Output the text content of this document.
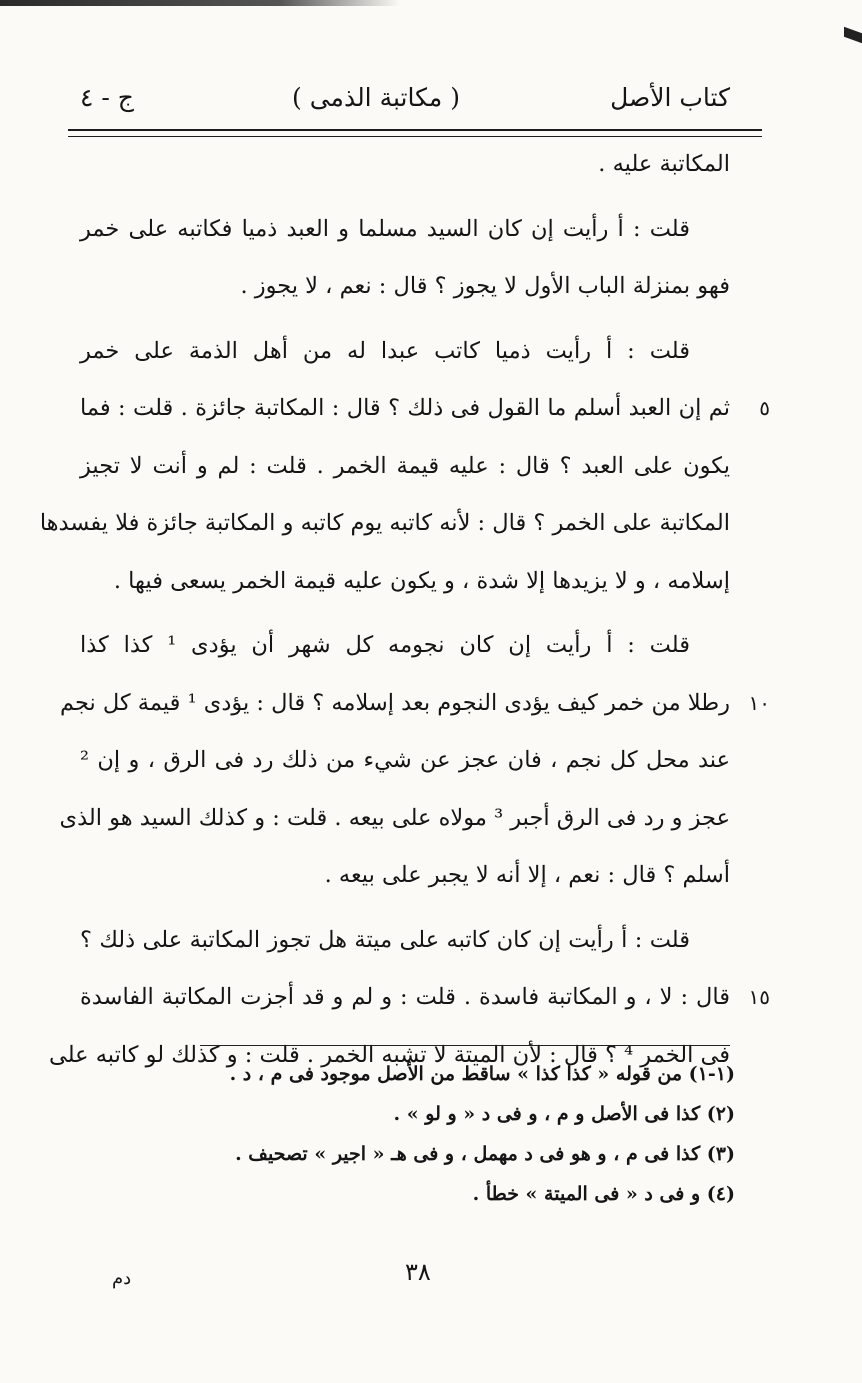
كتاب الأصل
( مكاتبة الذمى )
ج - ٤
المكاتبة عليه .
قلت : أ رأيت إن كان السيد مسلما و العبد ذميا فكاتبه على خمر
فهو بمنزلة الباب الأول لا يجوز ؟ قال : نعم ، لا يجوز .
قلت : أ رأيت ذميا كاتب عبدا له من أهل الذمة على خمر
ثم إن العبد أسلم ما القول فى ذلك ؟ قال : المكاتبة جائزة . قلت : فما	٥
يكون على العبد ؟ قال : عليه قيمة الخمر . قلت : لم و أنت لا تجيز
المكاتبة على الخمر ؟ قال : لأنه كاتبه يوم كاتبه و المكاتبة جائزة فلا يفسدها
إسلامه ، و لا يزيدها إلا شدة ، و يكون عليه قيمة الخمر يسعى فيها .
قلت : أ رأيت إن كان نجومه كل شهر أن يؤدى ¹ كذا كذا
رطلا من خمر كيف يؤدى النجوم بعد إسلامه ؟ قال : يؤدى ¹ قيمة كل نجم ١٠
عند محل كل نجم ، فان عجز عن شيء من ذلك رد فى الرق ، و إن ²
عجز و رد فى الرق أجبر ³ مولاه على بيعه . قلت : و كذلك السيد هو الذى
أسلم ؟ قال : نعم ، إلا أنه لا يجبر على بيعه .
قلت : أ رأيت إن كان كاتبه على ميتة هل تجوز المكاتبة على ذلك ؟
قال : لا ، و المكاتبة فاسدة . قلت : و لم و قد أجزت المكاتبة الفاسدة ١٥
فى الخمر ⁴ ؟ قال : لأن الميتة لا تشبه الخمر . قلت : و كذلك لو كاتبه على
(١-١) من قوله « كذا كذا » ساقط من الأصل موجود فى م ، د .
(٢) كذا فى الأصل و م ، و فى د « و لو » .
(٣) كذا فى م ، و هو فى د مهمل ، و فى هـ « اجير » تصحيف .
(٤) و فى د « فى الميتة » خطأ .
٣٨
دم
